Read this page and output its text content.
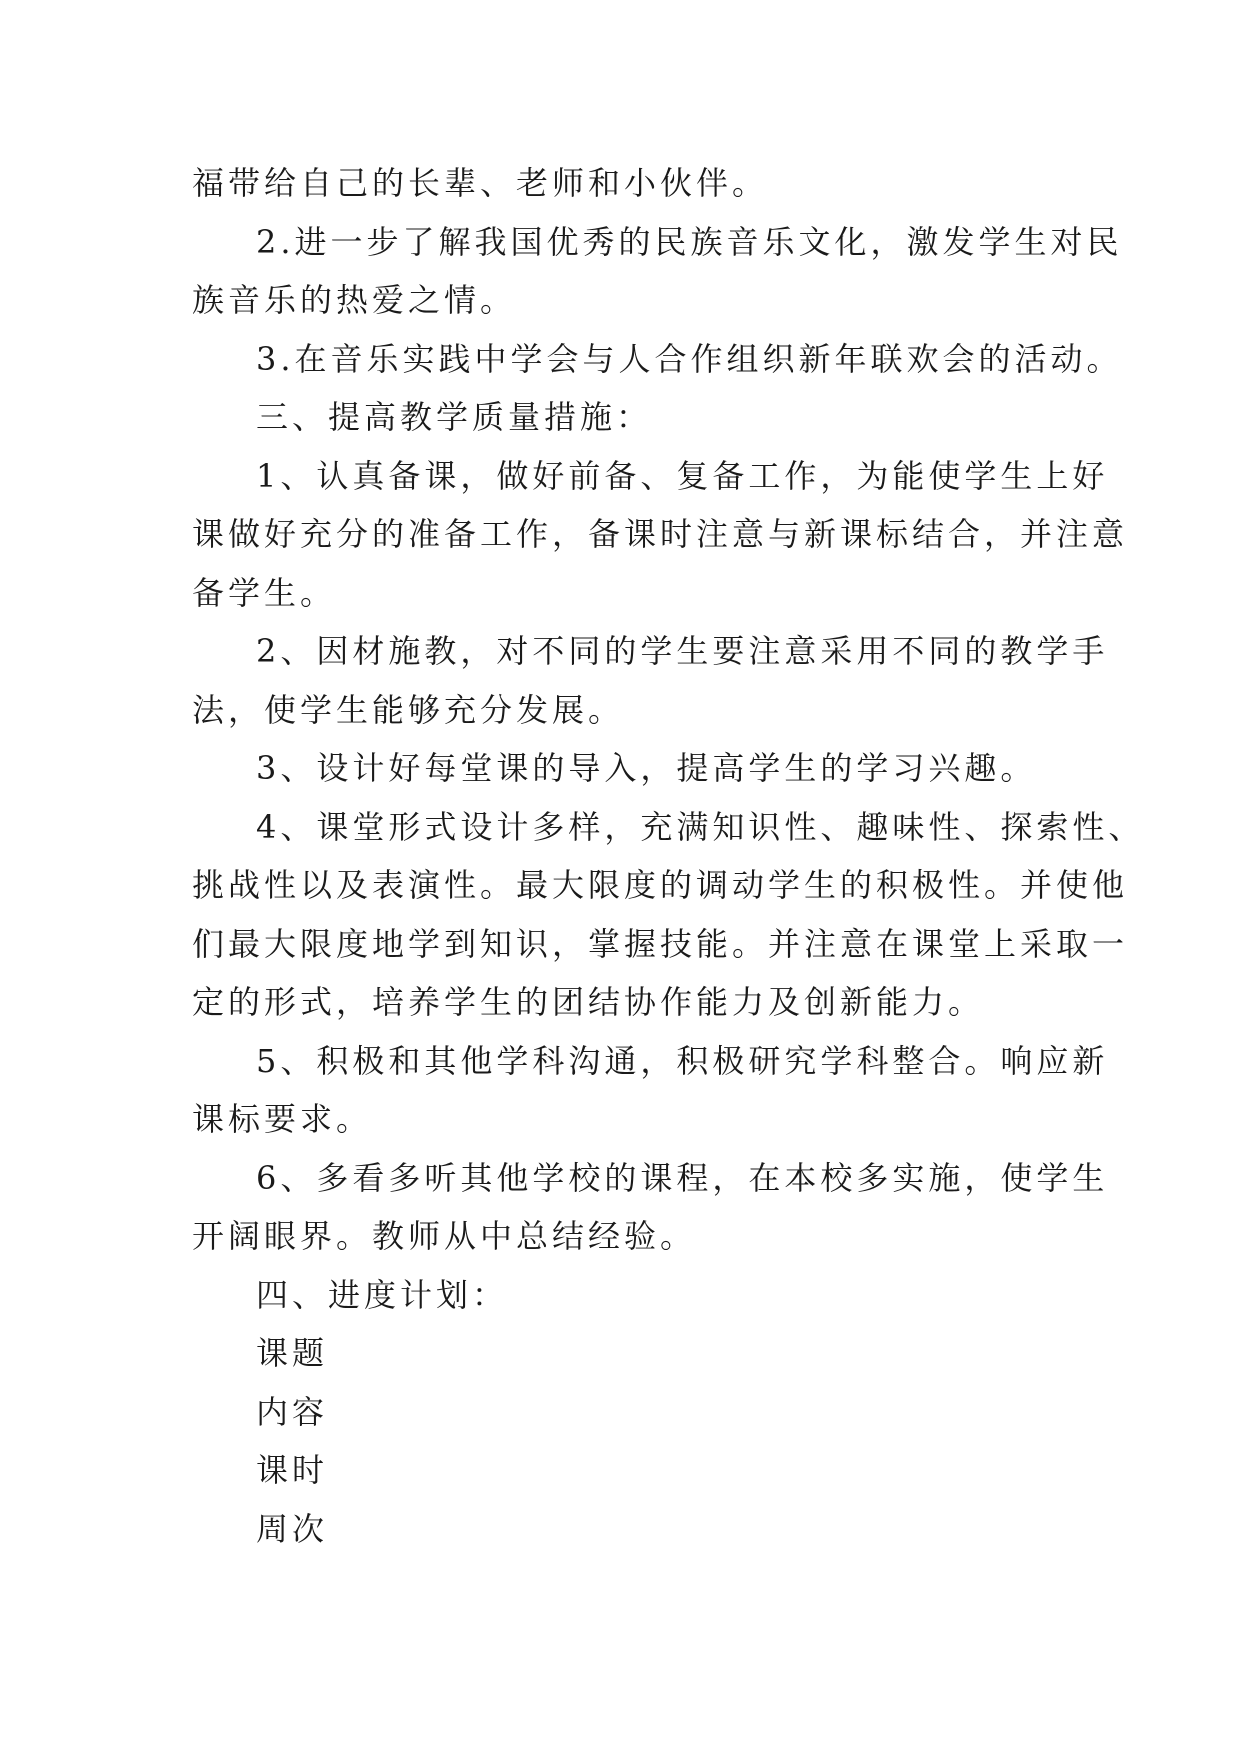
福带给自己的长辈、老师和小伙伴。
2.进一步了解我国优秀的民族音乐文化，激发学生对民
族音乐的热爱之情。
3.在音乐实践中学会与人合作组织新年联欢会的活动。
三、提高教学质量措施：
1、认真备课，做好前备、复备工作，为能使学生上好
课做好充分的准备工作，备课时注意与新课标结合，并注意
备学生。
2、因材施教，对不同的学生要注意采用不同的教学手
法，使学生能够充分发展。
3、设计好每堂课的导入，提高学生的学习兴趣。
4、课堂形式设计多样，充满知识性、趣味性、探索性、
挑战性以及表演性。最大限度的调动学生的积极性。并使他
们最大限度地学到知识，掌握技能。并注意在课堂上采取一
定的形式，培养学生的团结协作能力及创新能力。
5、积极和其他学科沟通，积极研究学科整合。响应新
课标要求。
6、多看多听其他学校的课程，在本校多实施，使学生
开阔眼界。教师从中总结经验。
四、进度计划：
课题
内容
课时
周次
